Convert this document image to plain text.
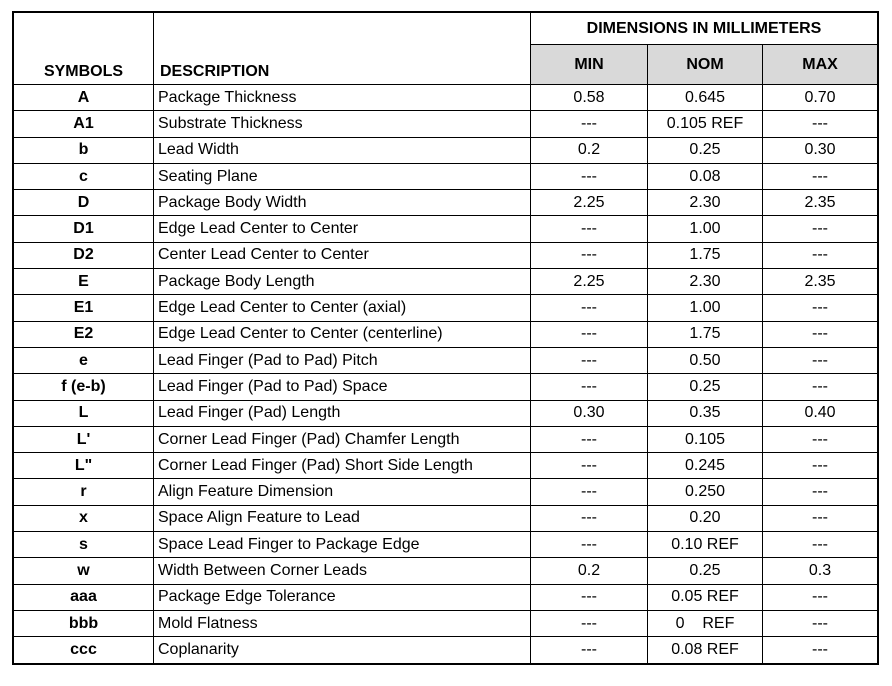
SYMBOLS	DESCRIPTION	DIMENSIONS IN MILLIMETERS		
		MIN	NOM	MAX
A	Package Thickness	0.58	0.645	0.70
A1	Substrate Thickness	---	0.105 REF	---
b	Lead Width	0.2	0.25	0.30
c	Seating Plane	---	0.08	---
D	Package Body Width	2.25	2.30	2.35
D1	Edge Lead Center to Center	---	1.00	---
D2	Center Lead Center to Center	---	1.75	---
E	Package Body Length	2.25	2.30	2.35
E1	Edge Lead Center to Center (axial)	---	1.00	---
E2	Edge Lead Center to Center (centerline)	---	1.75	---
e	Lead Finger (Pad to Pad) Pitch	---	0.50	---
f (e-b)	Lead Finger (Pad to Pad) Space	---	0.25	---
L	Lead Finger (Pad) Length	0.30	0.35	0.40
L'	Corner Lead Finger (Pad) Chamfer Length	---	0.105	---
L"	Corner Lead Finger (Pad) Short Side Length	---	0.245	---
r	Align Feature Dimension	---	0.250	---
x	Space Align Feature to Lead	---	0.20	---
s	Space Lead Finger to Package Edge	---	0.10 REF	---
w	Width Between Corner Leads	0.2	0.25	0.3
aaa	Package Edge Tolerance	---	0.05 REF	---
bbb	Mold Flatness	---	0    REF	---
ccc	Coplanarity	---	0.08 REF	---
